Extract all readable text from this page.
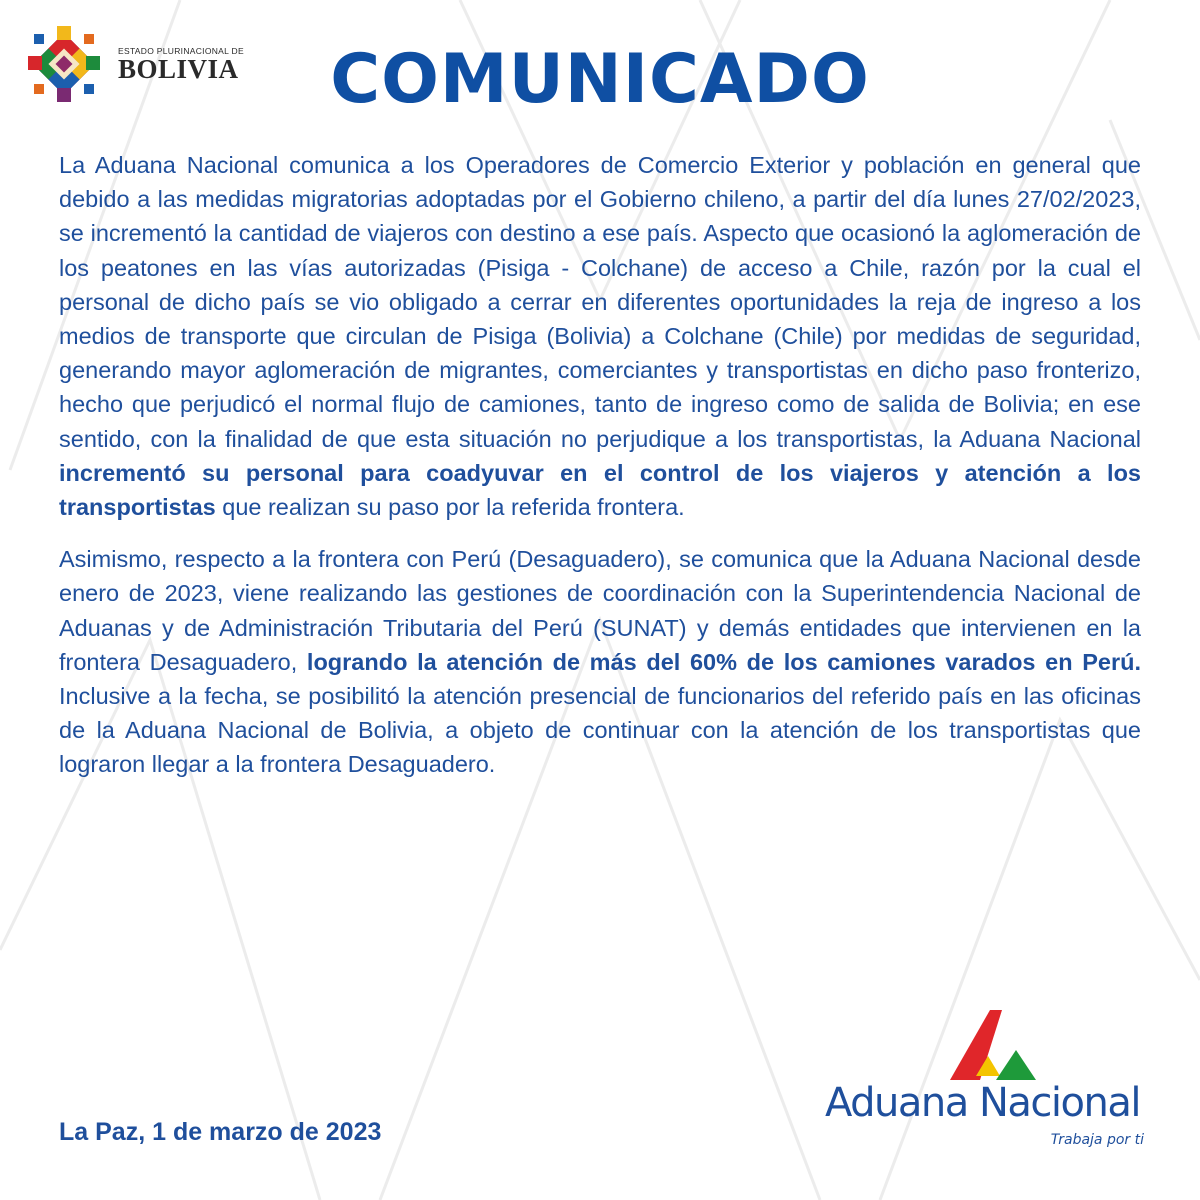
ESTADO PLURINACIONAL DE
BOLIVIA	COMUNICADO

La Aduana Nacional comunica a los Operadores de Comercio Exterior y población en general que debido a las medidas migratorias adoptadas por el Gobierno chileno, a partir del día lunes 27/02/2023, se incrementó la cantidad de viajeros con destino a ese país. Aspecto que ocasionó la aglomeración de los peatones en las vías autorizadas (Pisiga - Colchane) de acceso a Chile, razón por la cual el personal de dicho país se vio obligado a cerrar en diferentes oportunidades la reja de ingreso a los medios de transporte que circulan de Pisiga (Bolivia) a Colchane (Chile) por medidas de seguridad, generando mayor aglomeración de migrantes, comerciantes y transportistas en dicho paso fronterizo, hecho que perjudicó el normal flujo de camiones, tanto de ingreso como de salida de Bolivia; en ese sentido, con la finalidad de que esta situación no perjudique a los transportistas, la Aduana Nacional incrementó su personal para coadyuvar en el control de los viajeros y atención a los transportistas que realizan su paso por la referida frontera.

Asimismo, respecto a la frontera con Perú (Desaguadero), se comunica que la Aduana Nacional desde enero de 2023, viene realizando las gestiones de coordinación con la Superintendencia Nacional de Aduanas y de Administración Tributaria del Perú (SUNAT) y demás entidades que intervienen en la frontera Desaguadero, logrando la atención de más del 60% de los camiones varados en Perú. Inclusive a la fecha, se posibilitó la atención presencial de funcionarios del referido país en las oficinas de la Aduana Nacional de Bolivia, a objeto de continuar con la atención de los transportistas que lograron llegar a la frontera Desaguadero.

La Paz, 1 de marzo de 2023
Aduana Nacional
Trabaja por ti
